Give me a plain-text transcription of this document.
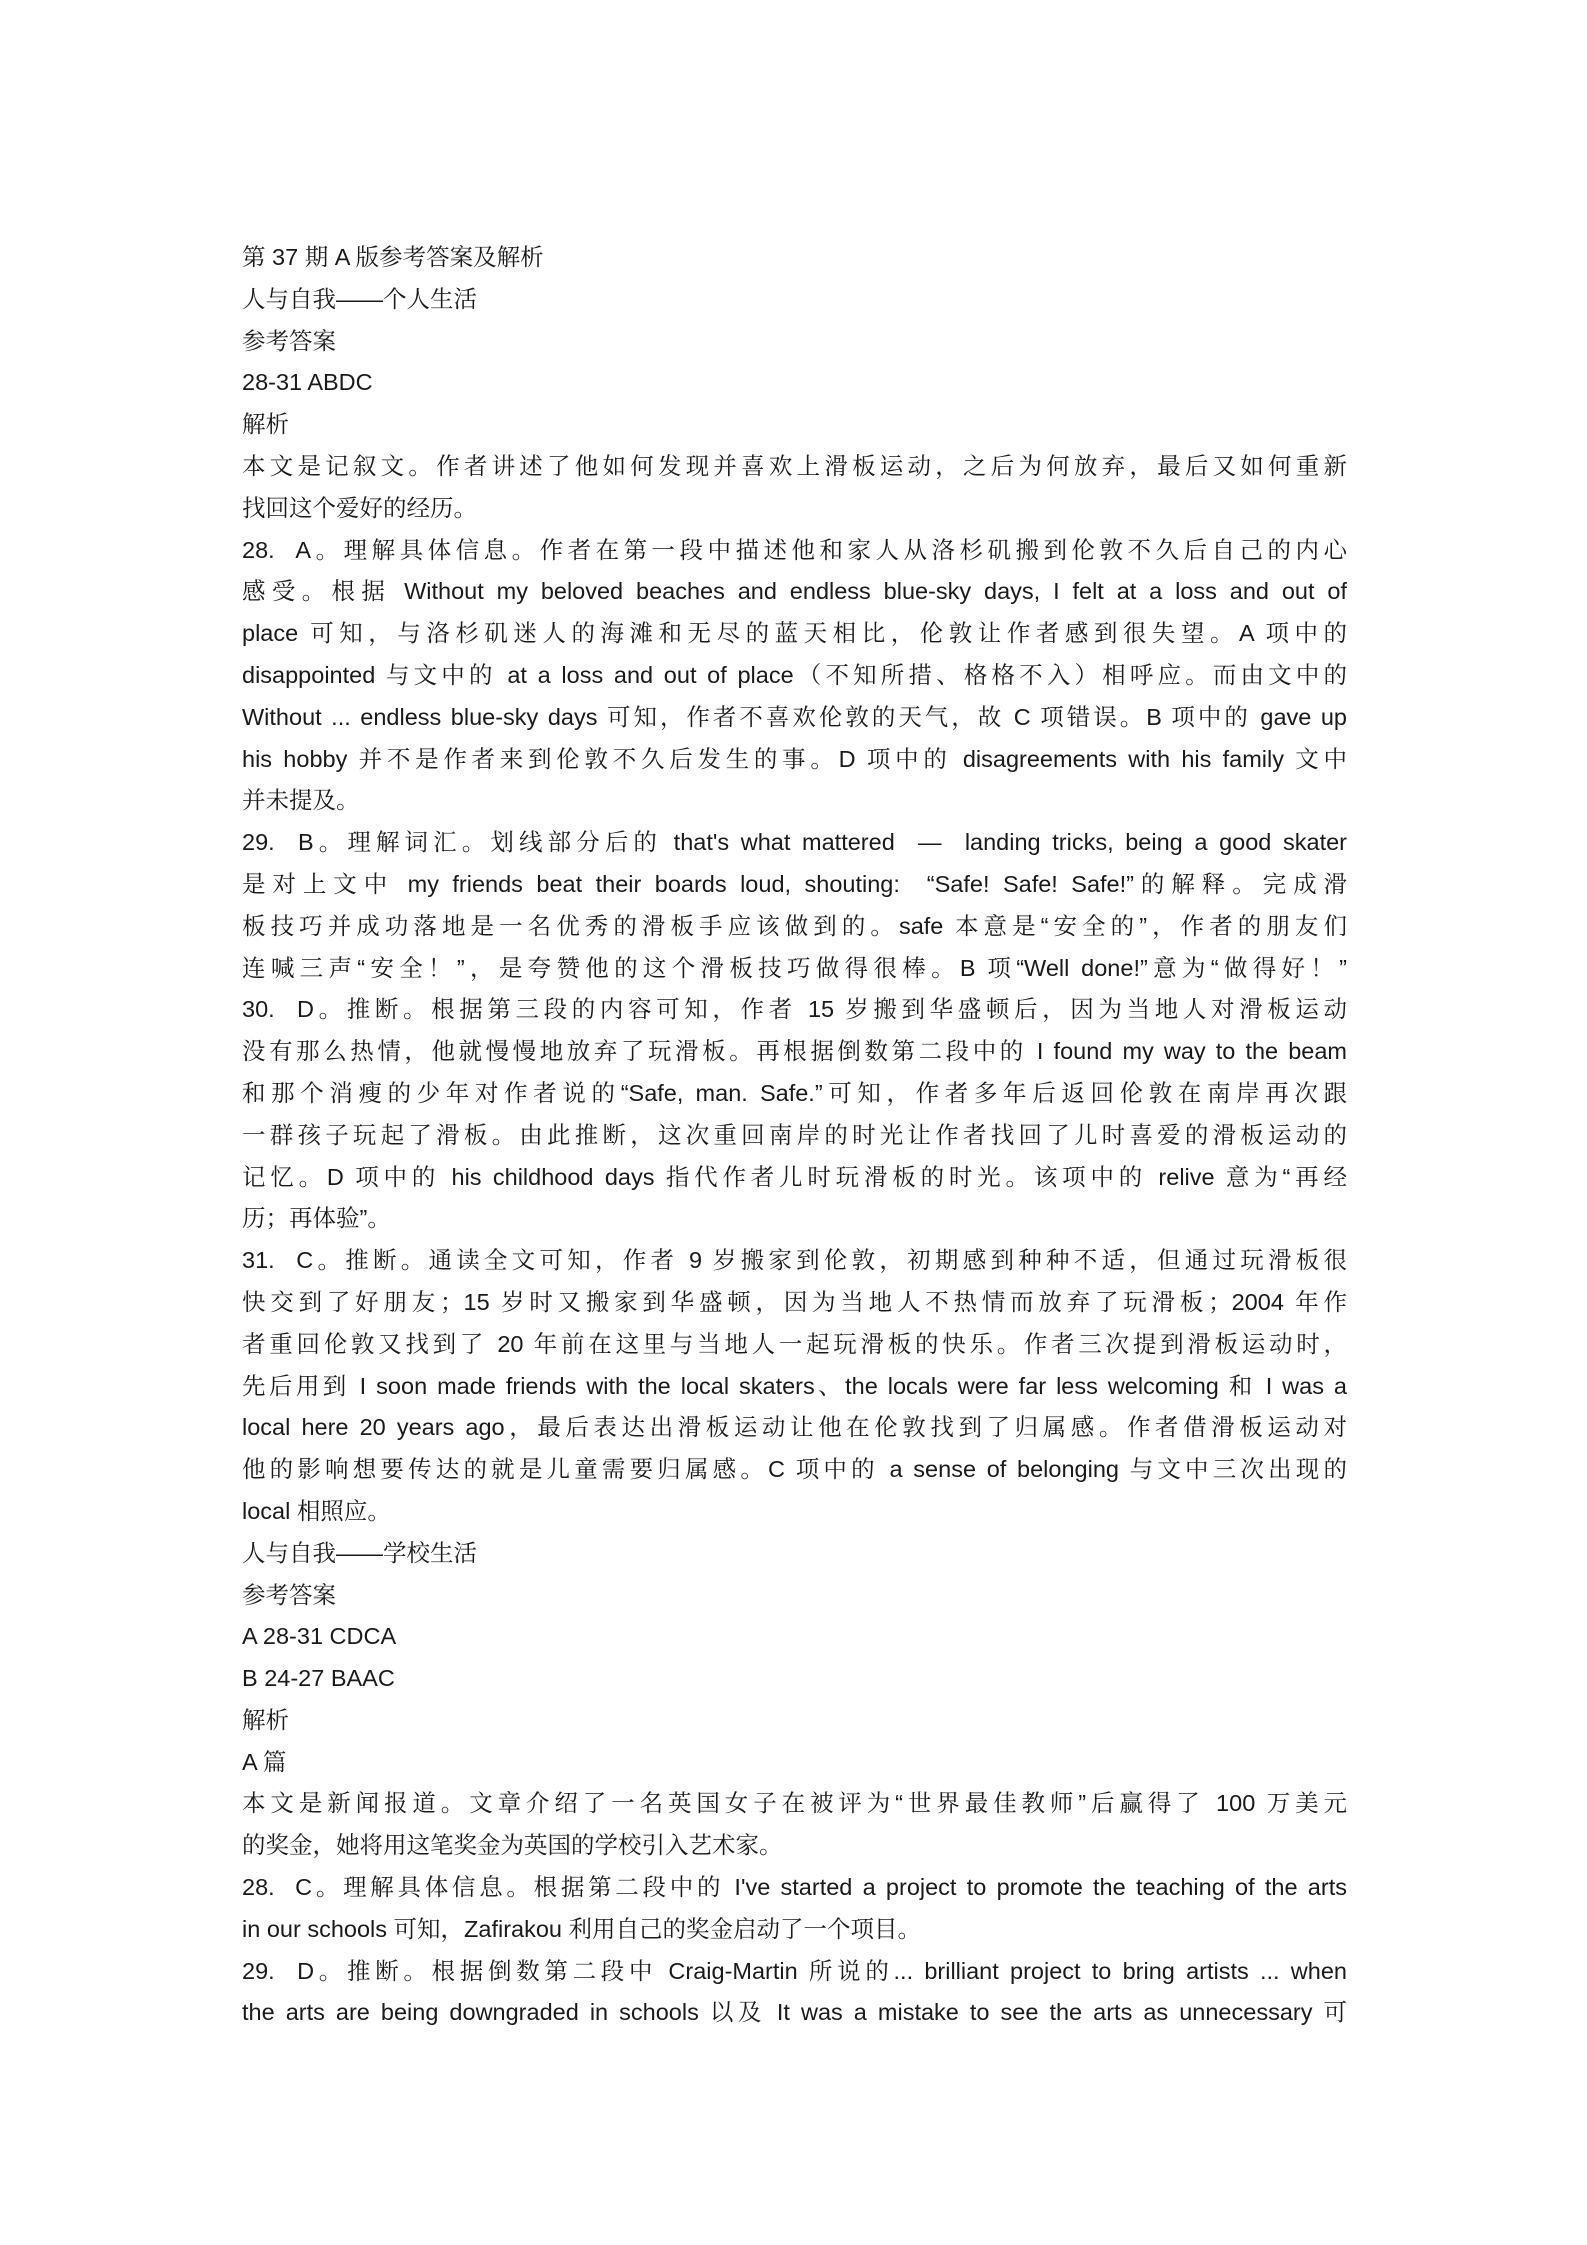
第 37 期 A 版参考答案及解析
人与自我——个人生活
参考答案
28-31 ABDC
解析
本文是记叙文。作者讲述了他如何发现并喜欢上滑板运动，之后为何放弃，最后又如何重新
找回这个爱好的经历。
28.  A。理解具体信息。作者在第一段中描述他和家人从洛杉矶搬到伦敦不久后自己的内心
感受。根据 Without my beloved beaches and endless blue-sky days, I felt at a loss and out of
place 可知，与洛杉矶迷人的海滩和无尽的蓝天相比，伦敦让作者感到很失望。A 项中的
disappointed 与文中的 at a loss and out of place（不知所措、格格不入）相呼应。而由文中的
Without ... endless blue-sky days 可知，作者不喜欢伦敦的天气，故 C 项错误。B 项中的 gave up
his hobby 并不是作者来到伦敦不久后发生的事。D 项中的 disagreements with his family 文中
并未提及。
29.  B。理解词汇。划线部分后的 that's what mattered  —  landing tricks, being a good skater
是对上文中 my friends beat their boards loud, shouting:  “Safe! Safe! Safe!”的解释。完成滑
板技巧并成功落地是一名优秀的滑板手应该做到的。safe 本意是“安全的”，作者的朋友们
连喊三声“安全！”，是夸赞他的这个滑板技巧做得很棒。B 项“Well done!”意为“做得好！”
30.  D。推断。根据第三段的内容可知，作者 15 岁搬到华盛顿后，因为当地人对滑板运动
没有那么热情，他就慢慢地放弃了玩滑板。再根据倒数第二段中的 I found my way to the beam
和那个消瘦的少年对作者说的“Safe, man. Safe.”可知，作者多年后返回伦敦在南岸再次跟
一群孩子玩起了滑板。由此推断，这次重回南岸的时光让作者找回了儿时喜爱的滑板运动的
记忆。D 项中的 his childhood days 指代作者儿时玩滑板的时光。该项中的 relive 意为“再经
历；再体验”。
31.  C。推断。通读全文可知，作者 9 岁搬家到伦敦，初期感到种种不适，但通过玩滑板很
快交到了好朋友；15 岁时又搬家到华盛顿，因为当地人不热情而放弃了玩滑板；2004 年作
者重回伦敦又找到了 20 年前在这里与当地人一起玩滑板的快乐。作者三次提到滑板运动时，
先后用到 I soon made friends with the local skaters、the locals were far less welcoming 和 I was a
local here 20 years ago，最后表达出滑板运动让他在伦敦找到了归属感。作者借滑板运动对
他的影响想要传达的就是儿童需要归属感。C 项中的 a sense of belonging 与文中三次出现的
local 相照应。
人与自我——学校生活
参考答案
A 28-31 CDCA
B 24-27 BAAC
解析
A 篇
本文是新闻报道。文章介绍了一名英国女子在被评为“世界最佳教师”后赢得了 100 万美元
的奖金，她将用这笔奖金为英国的学校引入艺术家。
28.  C。理解具体信息。根据第二段中的 I've started a project to promote the teaching of the arts
in our schools 可知，Zafirakou 利用自己的奖金启动了一个项目。
29.  D。推断。根据倒数第二段中 Craig-Martin 所说的... brilliant project to bring artists ... when
the arts are being downgraded in schools 以及 It was a mistake to see the arts as unnecessary 可
